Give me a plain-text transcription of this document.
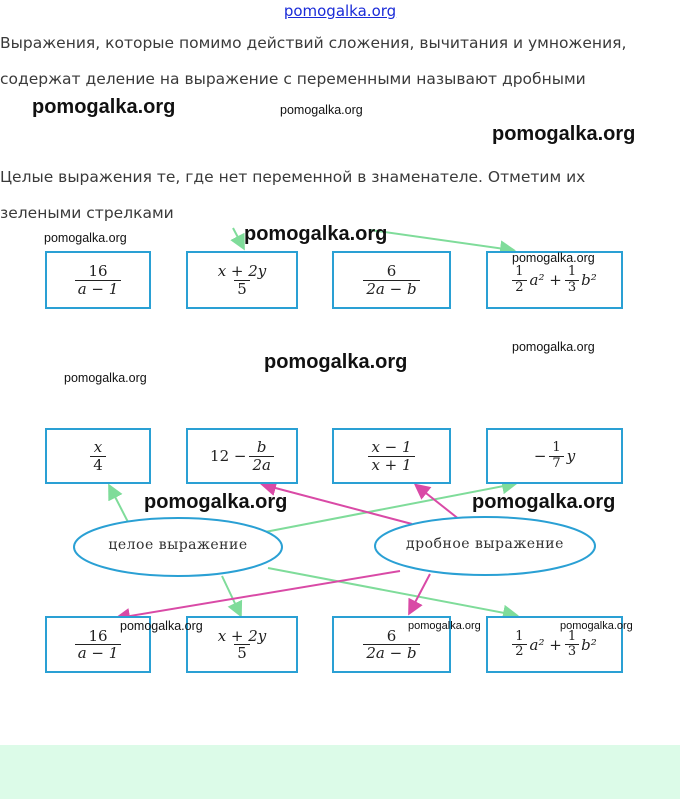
pomogalka.org
Выражения, которые помимо действий сложения, вычитания и умножения,
содержат деление на выражение с переменными называют дробными
Целые выражения те, где нет переменной в знаменателе. Отметим их
зелеными стрелками
целое выражение	дробное выражение
$\frac{16}{a - 1}$	$\frac{x + 2y}{5}$	$\frac{6}{2a - b}$	$\frac{1}{2} a^2 + \frac{1}{3} b^2$
$\frac{x}{4}$	$12 - \frac{b}{2a}$	$\frac{x - 1}{x + 1}$	− $\frac{1}{7}$ y
$\frac{16}{a - 1}$	$\frac{x + 2y}{5}$	$\frac{6}{2a - b}$	$\frac{1}{2} a^2 + \frac{1}{3} b^2$
pomogalka.org	pomogalka.org
pomogalka.org
pomogalka.org	pomogalka.org
pomogalka.org
pomogalka.org
pomogalka.org
pomogalka.org
pomogalka.org	pomogalka.org
pomogalka.org	pomogalka.org	pomogalka.org
